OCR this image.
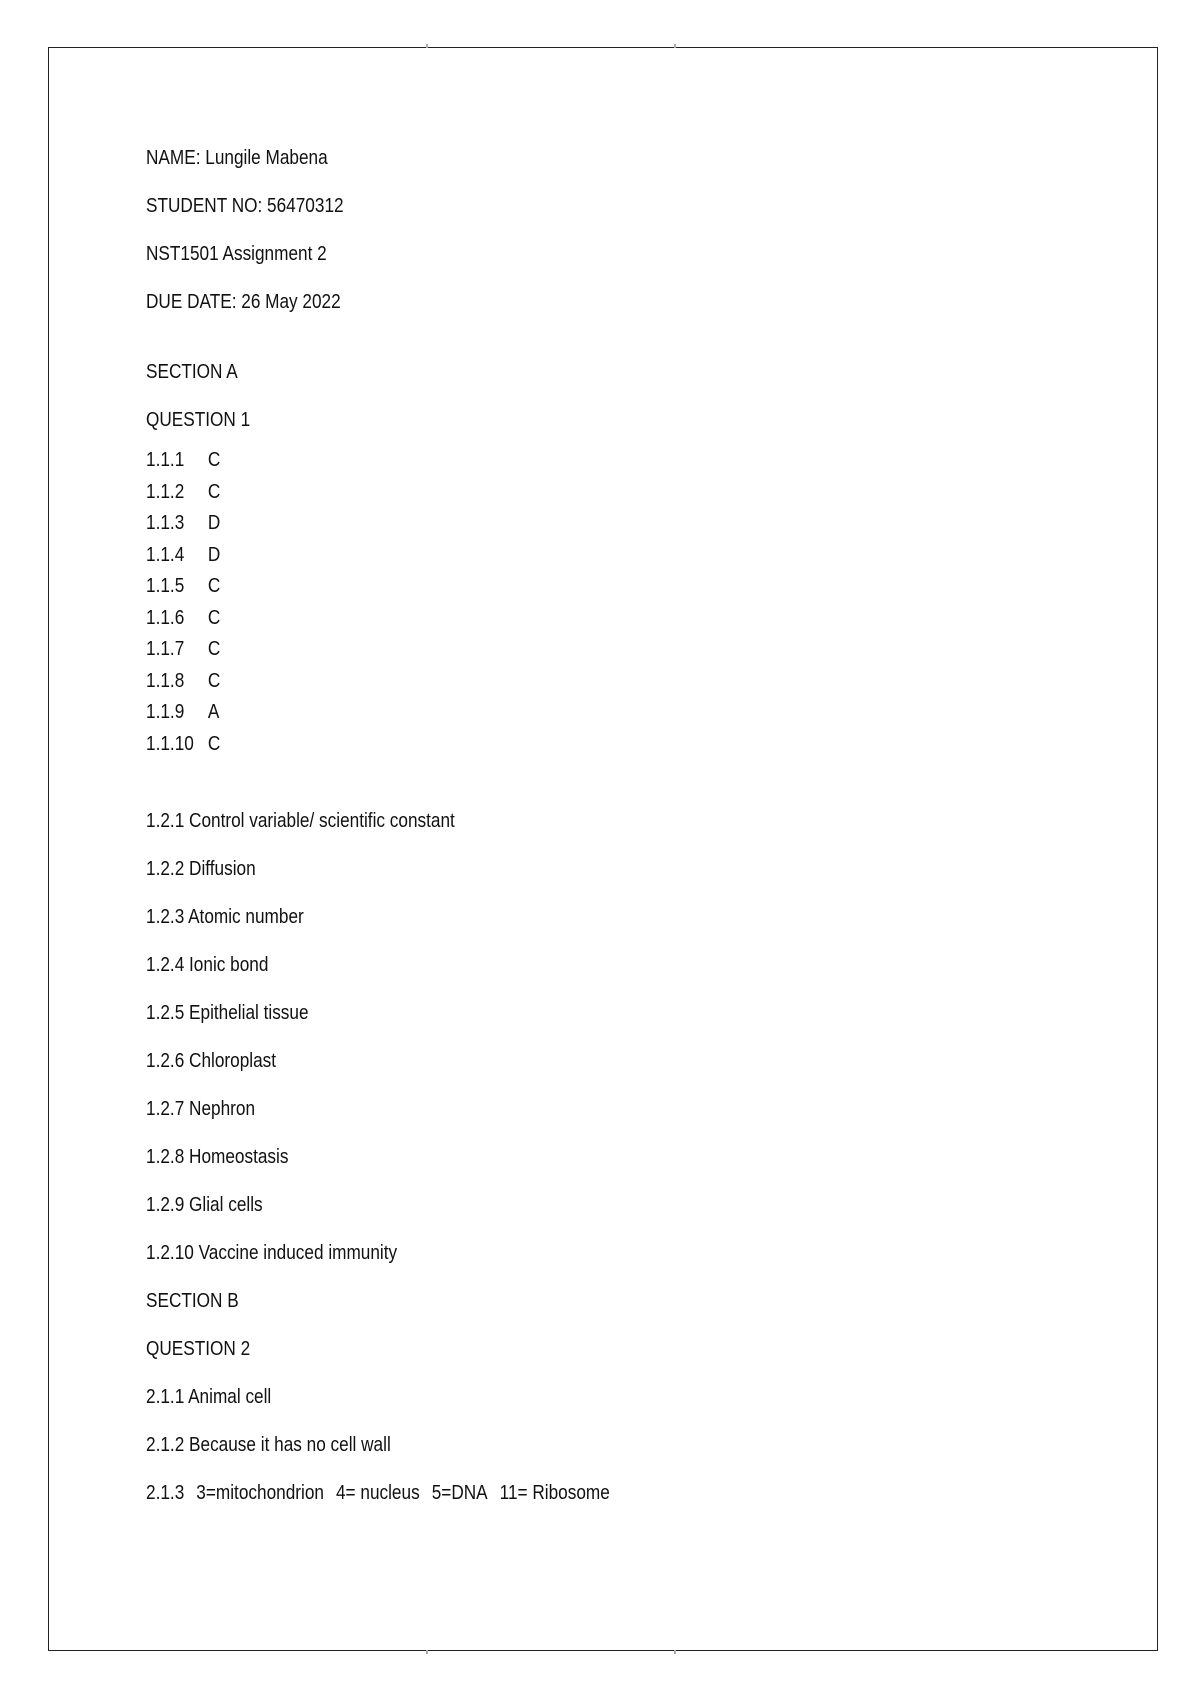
NAME: Lungile Mabena
STUDENT NO: 56470312
NST1501 Assignment 2
DUE DATE: 26 May 2022
SECTION A
QUESTION 1
1.1.1 C
1.1.2 C
1.1.3 D
1.1.4 D
1.1.5 C
1.1.6 C
1.1.7 C
1.1.8 C
1.1.9 A
1.1.10 C
1.2.1 Control variable/ scientific constant
1.2.2 Diffusion
1.2.3 Atomic number
1.2.4 Ionic bond
1.2.5 Epithelial tissue
1.2.6 Chloroplast
1.2.7 Nephron
1.2.8 Homeostasis
1.2.9 Glial cells
1.2.10 Vaccine induced immunity
SECTION B
QUESTION 2
2.1.1 Animal cell
2.1.2 Because it has no cell wall
2.1.3 3=mitochondrion 4= nucleus 5=DNA 11= Ribosome
